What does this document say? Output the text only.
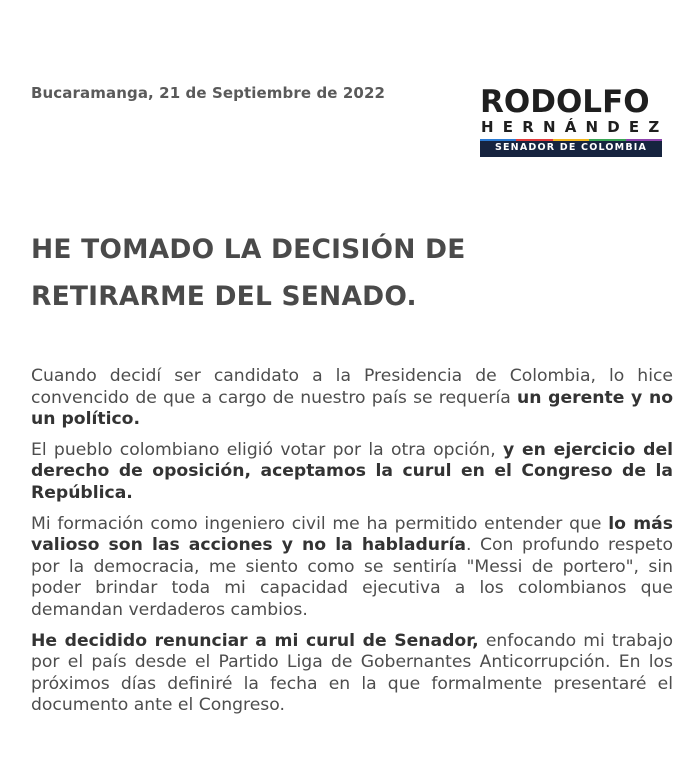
Bucaramanga, 21 de Septiembre de 2022	RODOLFO
HERNÁNDEZ
SENADOR DE COLOMBIA
HE TOMADO LA DECISIÓN DE
RETIRARME DEL SENADO.

Cuando decidí ser candidato a la Presidencia de Colombia, lo hice convencido de que a cargo de nuestro país se requería un gerente y no un político.

El pueblo colombiano eligió votar por la otra opción, y en ejercicio del derecho de oposición, aceptamos la curul en el Congreso de la República.

Mi formación como ingeniero civil me ha permitido entender que lo más valioso son las acciones y no la habladuría. Con profundo respeto por la democracia, me siento como se sentiría "Messi de portero", sin poder brindar toda mi capacidad ejecutiva a los colombianos que demandan verdaderos cambios.

He decidido renunciar a mi curul de Senador, enfocando mi trabajo por el país desde el Partido Liga de Gobernantes Anticorrupción. En los próximos días definiré la fecha en la que formalmente presentaré el documento ante el Congreso.
